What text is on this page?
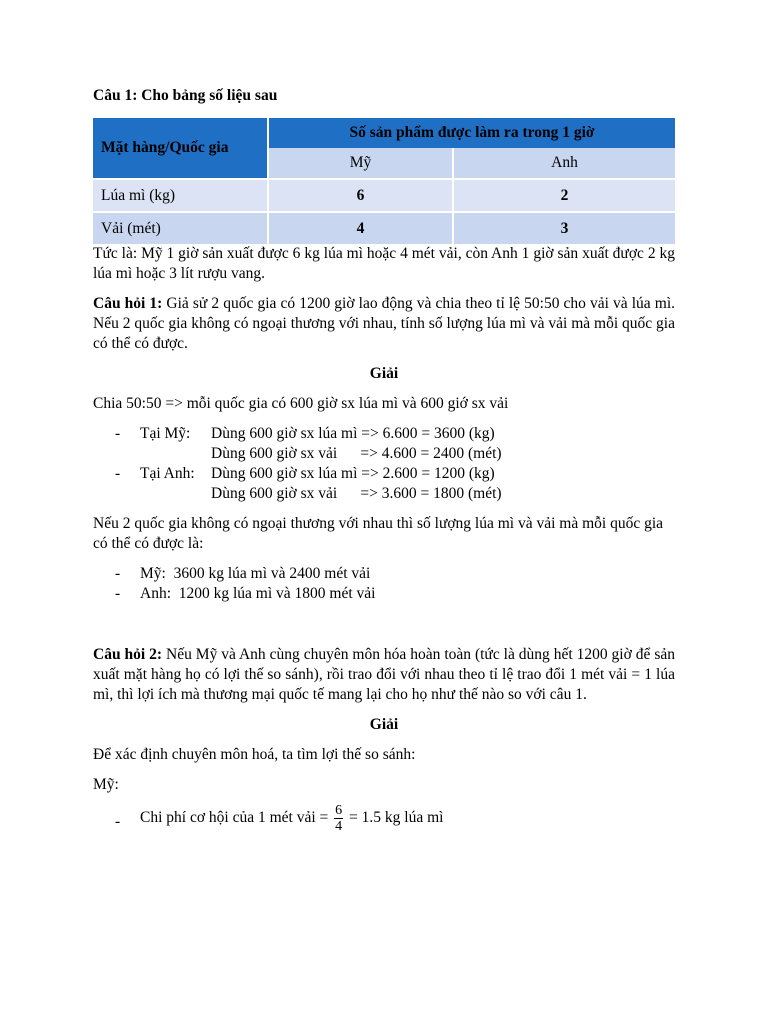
Câu 1: Cho bảng số liệu sau

Mặt hàng/Quốc gia	Số sản phẩm được làm ra trong 1 giờ	
	Mỹ	Anh
Lúa mì (kg)	6	2
Vải (mét)	4	3

Tức là: Mỹ 1 giờ sản xuất được 6 kg lúa mì hoặc 4 mét vải, còn Anh 1 giờ sản xuất được 2 kg lúa mì hoặc 3 lít rượu vang.

Câu hỏi 1: Giả sử 2 quốc gia có 1200 giờ lao động và chia theo tỉ lệ 50:50 cho vải và lúa mì. Nếu 2 quốc gia không có ngoại thương với nhau, tính số lượng lúa mì và vải mà mỗi quốc gia có thể có được.

Giải

Chia 50:50 => mỗi quốc gia có 600 giờ sx lúa mì và 600 giớ sx vải

- Tại Mỹ:	Dùng 600 giờ sx lúa mì => 6.600 = 3600 (kg)
Dùng 600 giờ sx vải      => 4.600 = 2400 (mét)
- Tại Anh:	Dùng 600 giờ sx lúa mì => 2.600 = 1200 (kg)
Dùng 600 giờ sx vải      => 3.600 = 1800 (mét)

Nếu 2 quốc gia không có ngoại thương với nhau thì số lượng lúa mì và vải mà mỗi quốc gia có thể có được là:

- Mỹ:  3600 kg lúa mì và 2400 mét vải
- Anh:  1200 kg lúa mì và 1800 mét vải

Câu hỏi 2: Nếu Mỹ và Anh cùng chuyên môn hóa hoàn toàn (tức là dùng hết 1200 giờ để sản xuất mặt hàng họ có lợi thế so sánh), rồi trao đổi với nhau theo tỉ lệ trao đổi 1 mét vải = 1 lúa mì, thì lợi ích mà thương mại quốc tế mang lại cho họ như thế nào so với câu 1.

Giải

Để xác định chuyên môn hoá, ta tìm lợi thế so sánh:

Mỹ:

- Chi phí cơ hội của 1 mét vải = $\frac{6}{4} = 1.5$ kg lúa mì
